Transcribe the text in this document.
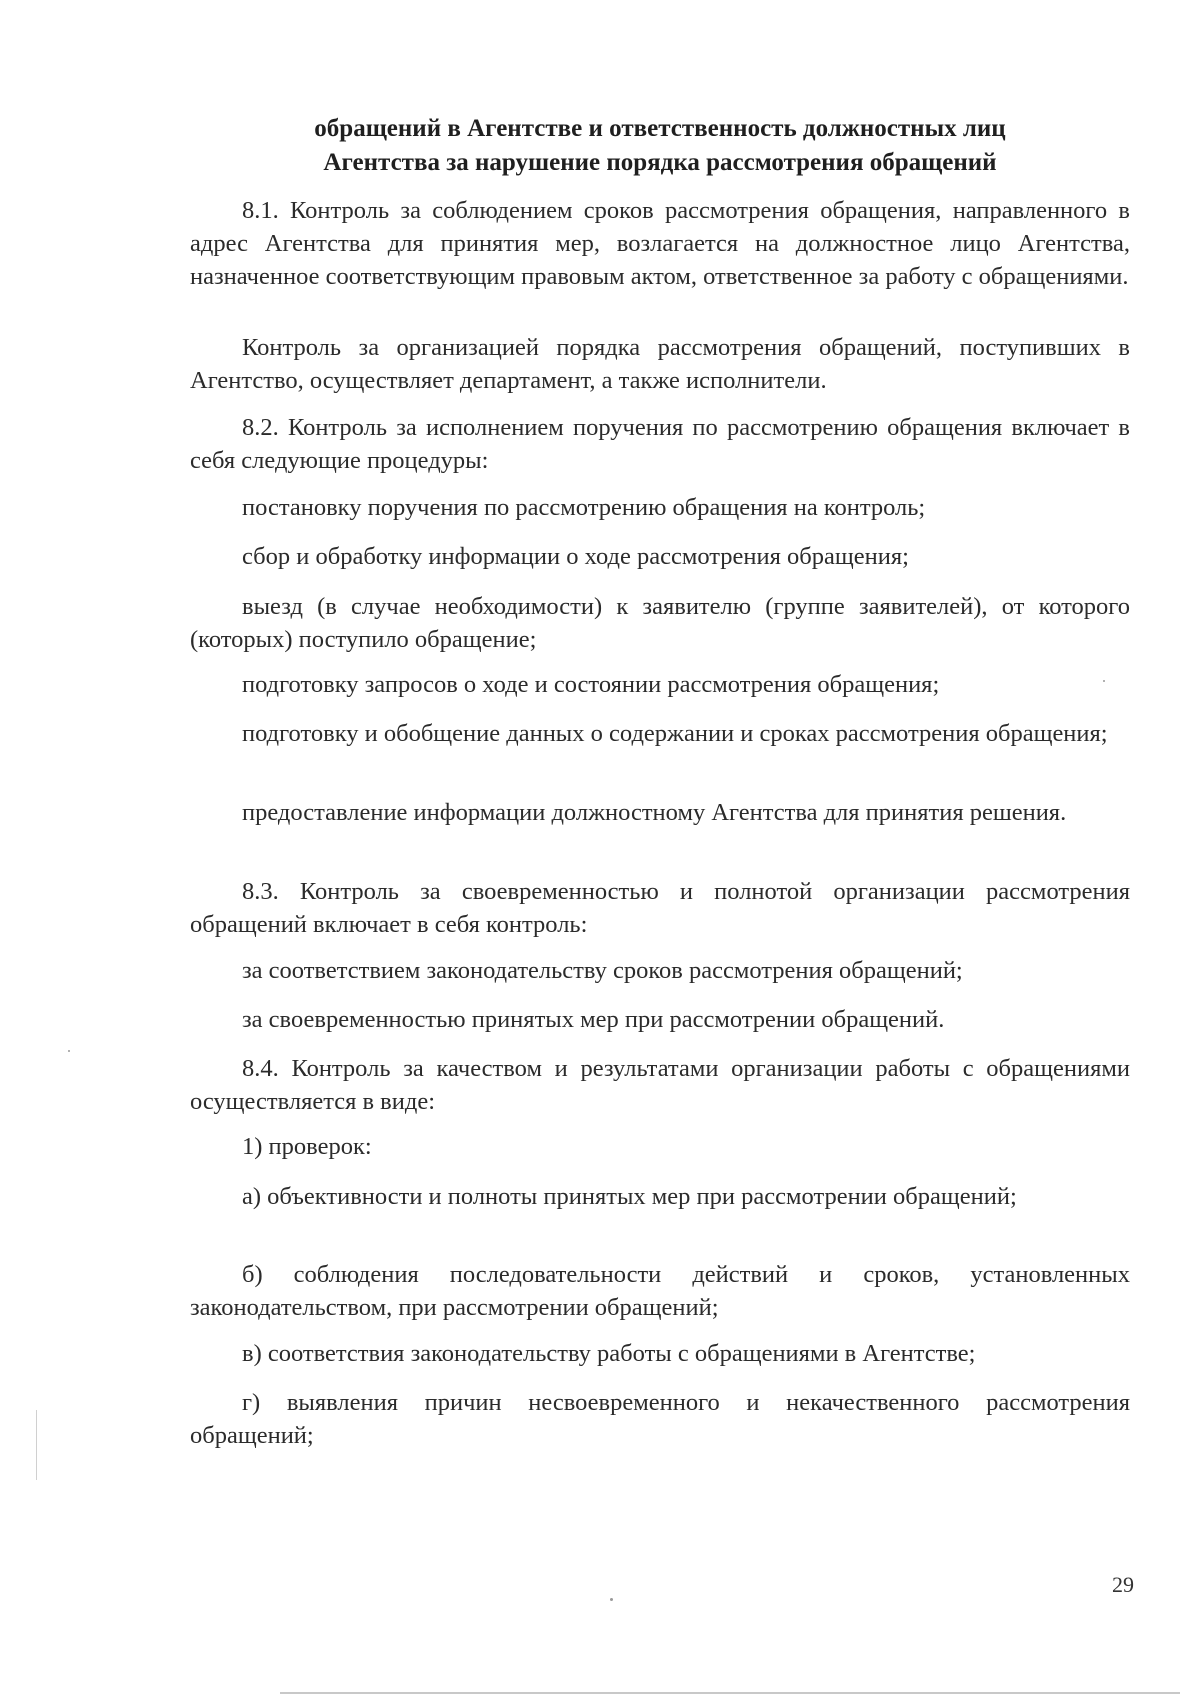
обращений в Агентстве и ответственность должностных лиц
Агентства за нарушение порядка рассмотрения обращений
8.1. Контроль за соблюдением сроков рассмотрения обращения, направленного в адрес Агентства для принятия мер, возлагается на должностное лицо Агентства, назначенное соответствующим правовым актом, ответственное за работу с обращениями.
Контроль за организацией порядка рассмотрения обращений, поступивших в Агентство, осуществляет департамент, а также исполнители.
8.2. Контроль за исполнением поручения по рассмотрению обращения включает в себя следующие процедуры:
постановку поручения по рассмотрению обращения на контроль;
сбор и обработку информации о ходе рассмотрения обращения;
выезд (в случае необходимости) к заявителю (группе заявителей), от которого (которых) поступило обращение;
подготовку запросов о ходе и состоянии рассмотрения обращения;
подготовку и обобщение данных о содержании и сроках рассмотрения обращения;
предоставление информации должностному Агентства для принятия решения.
8.3. Контроль за своевременностью и полнотой организации рассмотрения обращений включает в себя контроль:
за соответствием законодательству сроков рассмотрения обращений;
за своевременностью принятых мер при рассмотрении обращений.
8.4. Контроль за качеством и результатами организации работы с обращениями осуществляется в виде:
1) проверок:
а) объективности и полноты принятых мер при рассмотрении обращений;
б) соблюдения последовательности действий и сроков, установленных законодательством, при рассмотрении обращений;
в) соответствия законодательству работы с обращениями в Агентстве;
г) выявления причин несвоевременного и некачественного рассмотрения обращений;
29
